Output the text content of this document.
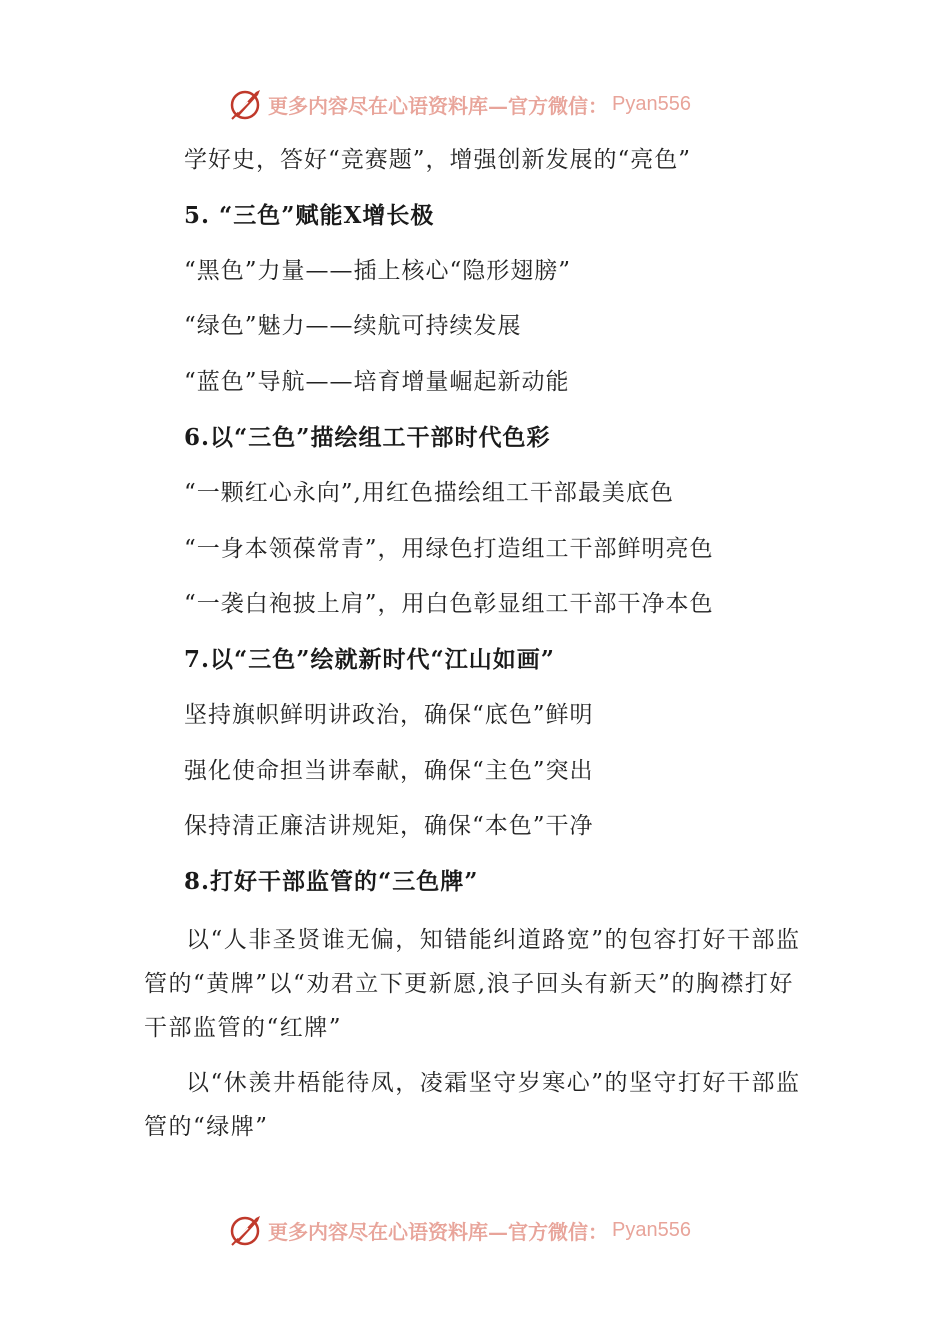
更多内容尽在心语资料库—官方微信： Pyan556
学好史，答好“竞赛题”，增强创新发展的“亮色”
5. “三色”赋能X增长极
“黑色”力量——插上核心“隐形翅膀”
“绿色”魅力——续航可持续发展
“蓝色”导航——培育增量崛起新动能
6.以“三色”描绘组工干部时代色彩
“一颗红心永向”,用红色描绘组工干部最美底色
“一身本领葆常青”，用绿色打造组工干部鲜明亮色
“一袭白袍披上肩”，用白色彰显组工干部干净本色
7.以“三色”绘就新时代“江山如画”
坚持旗帜鲜明讲政治，确保“底色”鲜明
强化使命担当讲奉献，确保“主色”突出
保持清正廉洁讲规矩，确保“本色”干净
8.打好干部监管的“三色牌”
以“人非圣贤谁无偏，知错能纠道路宽”的包容打好干部监管的“黄牌”以“劝君立下更新愿,浪子回头有新天”的胸襟打好干部监管的“红牌”
以“休羡井梧能待凤，凌霜坚守岁寒心”的坚守打好干部监管的“绿牌”
更多内容尽在心语资料库—官方微信： Pyan556
